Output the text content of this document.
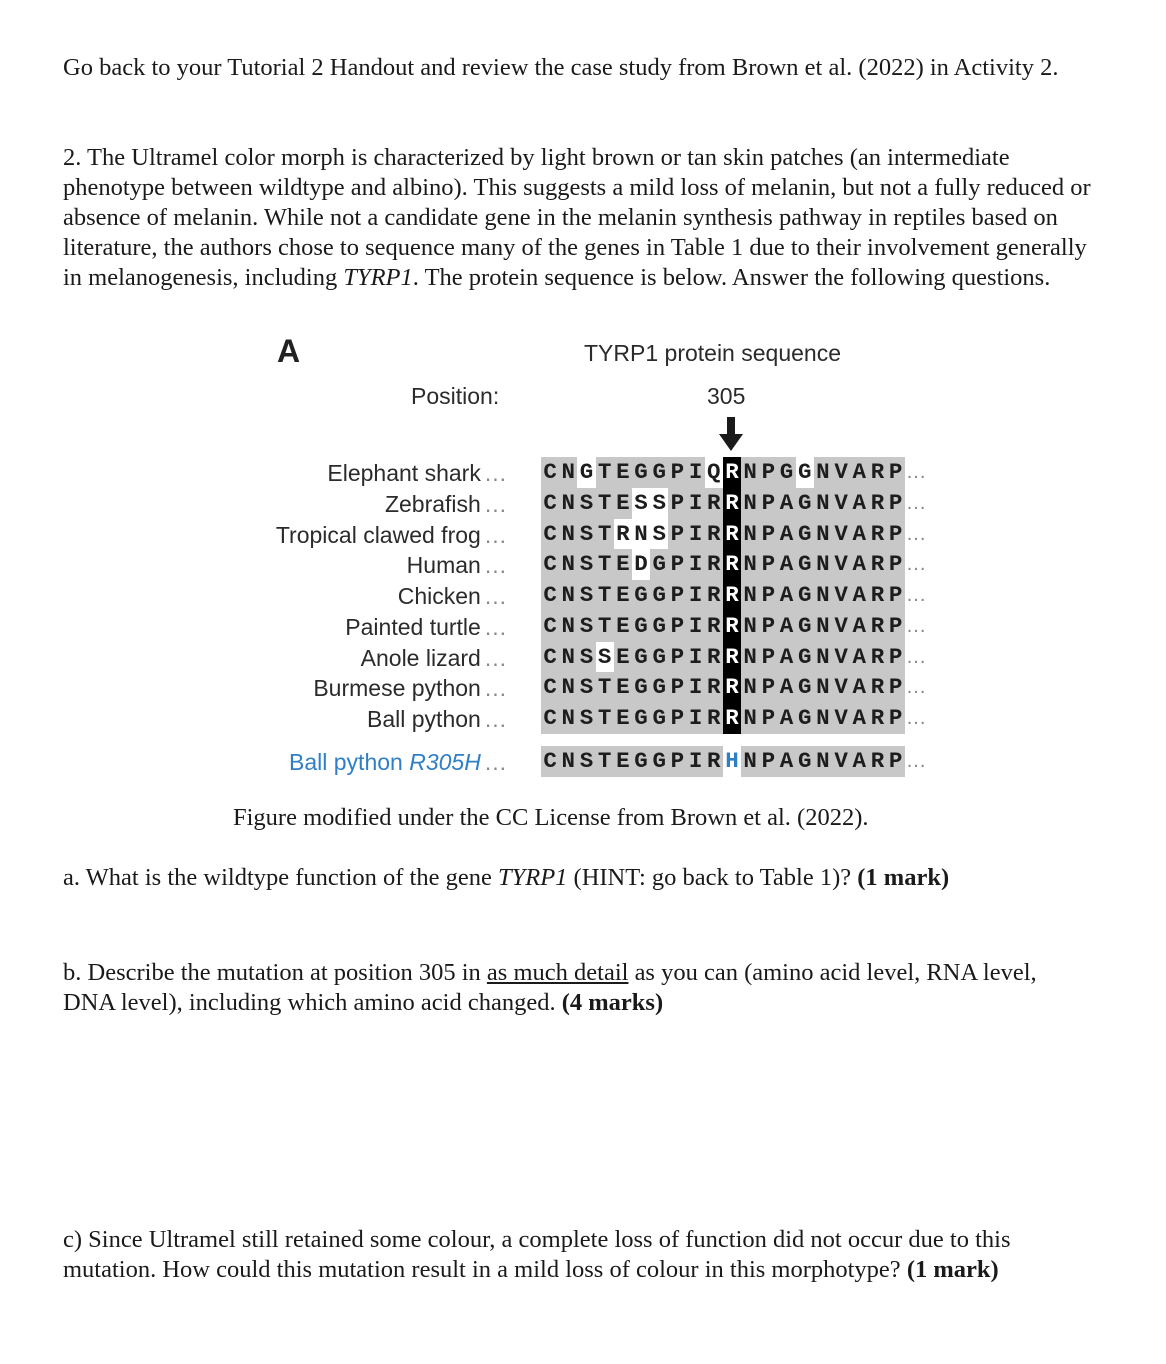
Go back to your Tutorial 2 Handout and review the case study from Brown et al. (2022) in Activity 2.

2. The Ultramel color morph is characterized by light brown or tan skin patches (an intermediate phenotype between wildtype and albino). This suggests a mild loss of melanin, but not a fully reduced or absence of melanin. While not a candidate gene in the melanin synthesis pathway in reptiles based on literature, the authors chose to sequence many of the genes in Table 1 due to their involvement generally in melanogenesis, including TYRP1. The protein sequence is below. Answer the following questions.

A	TYRP1 protein sequence
Position:	305
Elephant shark ... C N G T E G G P I Q R N P G G N V A R P ...
Zebrafish ... C N S T E S S P I R R N P A G N V A R P ...
Tropical clawed frog ... C N S T R N S P I R R N P A G N V A R P ...
Human ... C N S T E D G P I R R N P A G N V A R P ...
Chicken ... C N S T E G G P I R R N P A G N V A R P ...
Painted turtle ... C N S T E G G P I R R N P A G N V A R P ...
Anole lizard ... C N S S E G G P I R R N P A G N V A R P ...
Burmese python ... C N S T E G G P I R R N P A G N V A R P ...
Ball python ... C N S T E G G P I R R N P A G N V A R P ...
Ball python R305H ... C N S T E G G P I R H N P A G N V A R P ...

Figure modified under the CC License from Brown et al. (2022).

a. What is the wildtype function of the gene TYRP1 (HINT: go back to Table 1)? (1 mark)

b. Describe the mutation at position 305 in as much detail as you can (amino acid level, RNA level, DNA level), including which amino acid changed. (4 marks)

c) Since Ultramel still retained some colour, a complete loss of function did not occur due to this mutation. How could this mutation result in a mild loss of colour in this morphotype? (1 mark)
